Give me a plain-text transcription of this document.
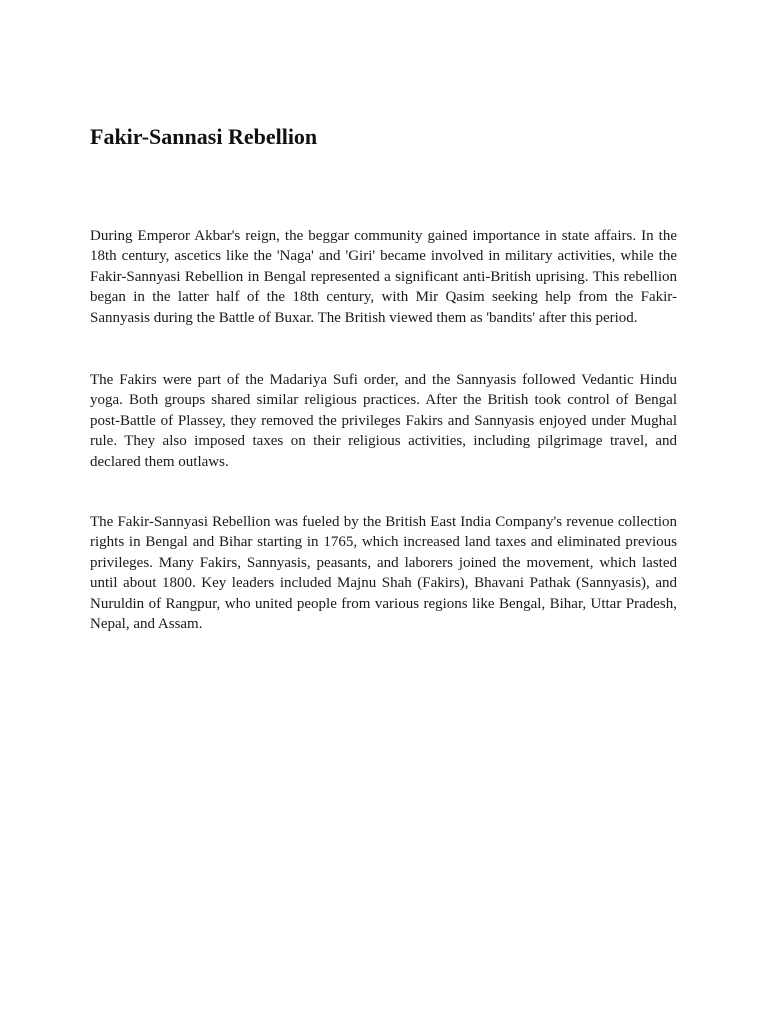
Fakir-Sannasi Rebellion

During Emperor Akbar's reign, the beggar community gained importance in state affairs. In the 18th century, ascetics like the 'Naga' and 'Giri' became involved in military activities, while the Fakir-Sannyasi Rebellion in Bengal represented a significant anti-British uprising. This rebellion began in the latter half of the 18th century, with Mir Qasim seeking help from the Fakir-Sannyasis during the Battle of Buxar. The British viewed them as 'bandits' after this period.

The Fakirs were part of the Madariya Sufi order, and the Sannyasis followed Vedantic Hindu yoga. Both groups shared similar religious practices. After the British took control of Bengal post-Battle of Plassey, they removed the privileges Fakirs and Sannyasis enjoyed under Mughal rule. They also imposed taxes on their religious activities, including pilgrimage travel, and declared them outlaws.

The Fakir-Sannyasi Rebellion was fueled by the British East India Company's revenue collection rights in Bengal and Bihar starting in 1765, which increased land taxes and eliminated previous privileges. Many Fakirs, Sannyasis, peasants, and laborers joined the movement, which lasted until about 1800. Key leaders included Majnu Shah (Fakirs), Bhavani Pathak (Sannyasis), and Nuruldin of Rangpur, who united people from various regions like Bengal, Bihar, Uttar Pradesh, Nepal, and Assam.
